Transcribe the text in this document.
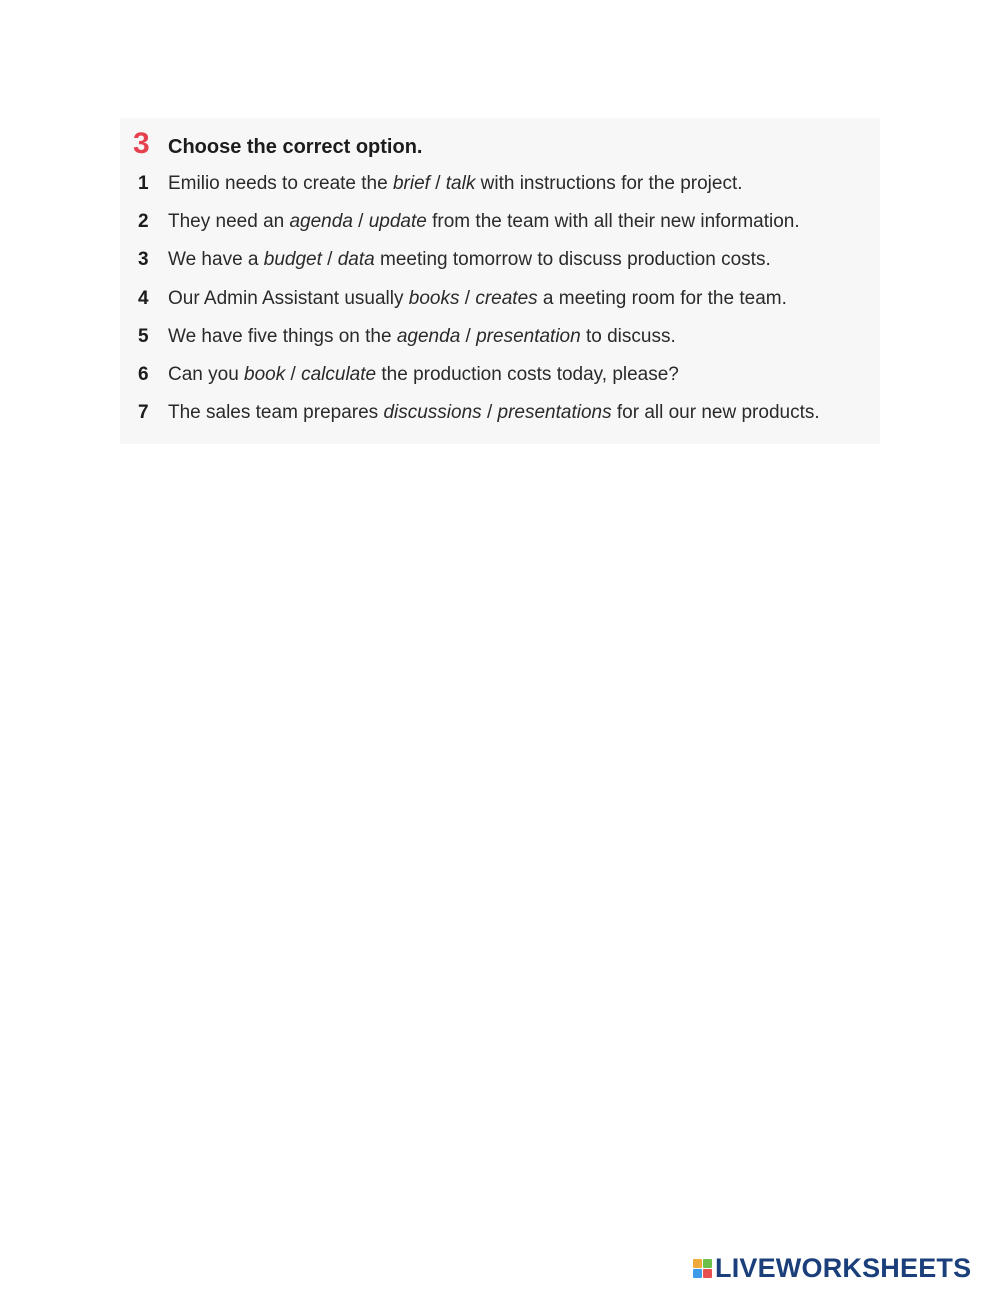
3 Choose the correct option.
1	Emilio needs to create the brief / talk with instructions for the project.
2	They need an agenda / update from the team with all their new information.
3	We have a budget / data meeting tomorrow to discuss production costs.
4	Our Admin Assistant usually books / creates a meeting room for the team.
5	We have five things on the agenda / presentation to discuss.
6	Can you book / calculate the production costs today, please?
7	The sales team prepares discussions / presentations for all our new products.
LIVEWORKSHEETS
